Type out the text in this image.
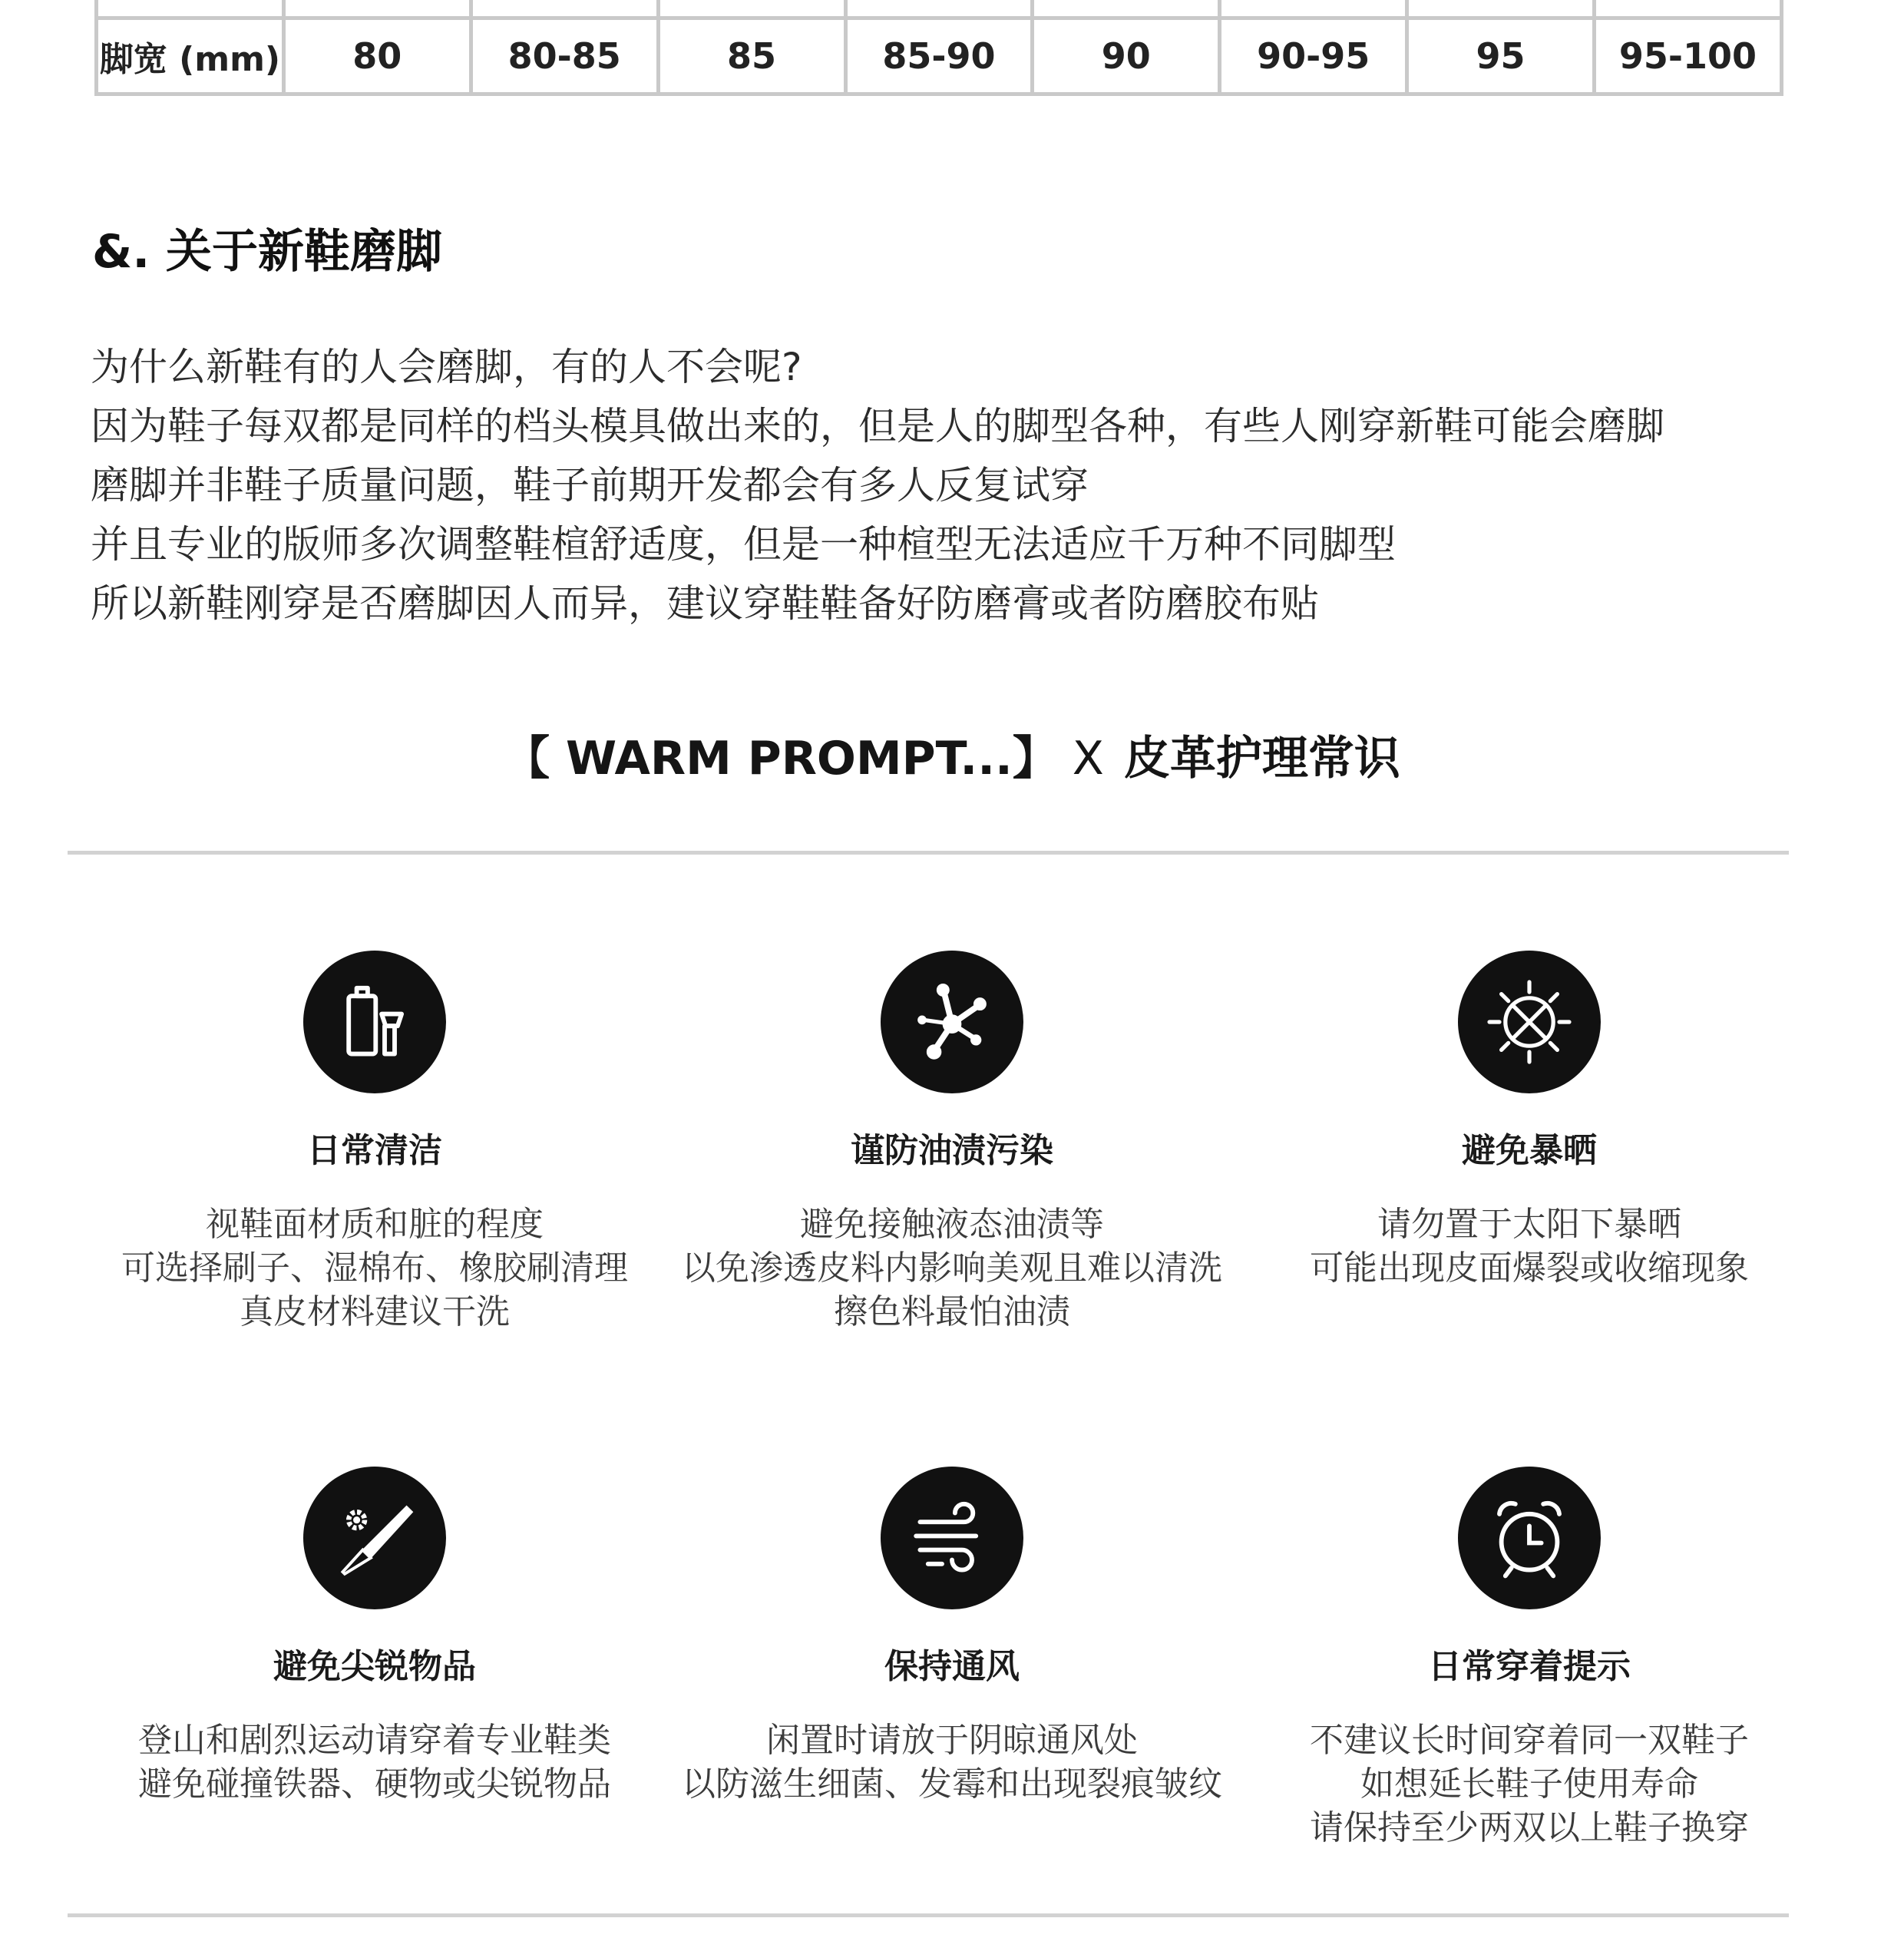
脚宽 (mm)	80	80-85	85	85-90	90	90-95	95	95-100
&. 关于新鞋磨脚
为什么新鞋有的人会磨脚，有的人不会呢?
因为鞋子每双都是同样的档头模具做出来的，但是人的脚型各种，有些人刚穿新鞋可能会磨脚
磨脚并非鞋子质量问题，鞋子前期开发都会有多人反复试穿
并且专业的版师多次调整鞋楦舒适度，但是一种楦型无法适应千万种不同脚型
所以新鞋刚穿是否磨脚因人而异，建议穿鞋鞋备好防磨膏或者防磨胶布贴
【 WARM PROMPT...】 X 皮革护理常识
日常清洁
视鞋面材质和脏的程度
可选择刷子、湿棉布、橡胶刷清理
真皮材料建议干洗
谨防油渍污染
避免接触液态油渍等
以免渗透皮料内影响美观且难以清洗
擦色料最怕油渍
避免暴晒
请勿置于太阳下暴晒
可能出现皮面爆裂或收缩现象
避免尖锐物品
登山和剧烈运动请穿着专业鞋类
避免碰撞铁器、硬物或尖锐物品
保持通风
闲置时请放于阴晾通风处
以防滋生细菌、发霉和出现裂痕皱纹
日常穿着提示
不建议长时间穿着同一双鞋子
如想延长鞋子使用寿命
请保持至少两双以上鞋子换穿
